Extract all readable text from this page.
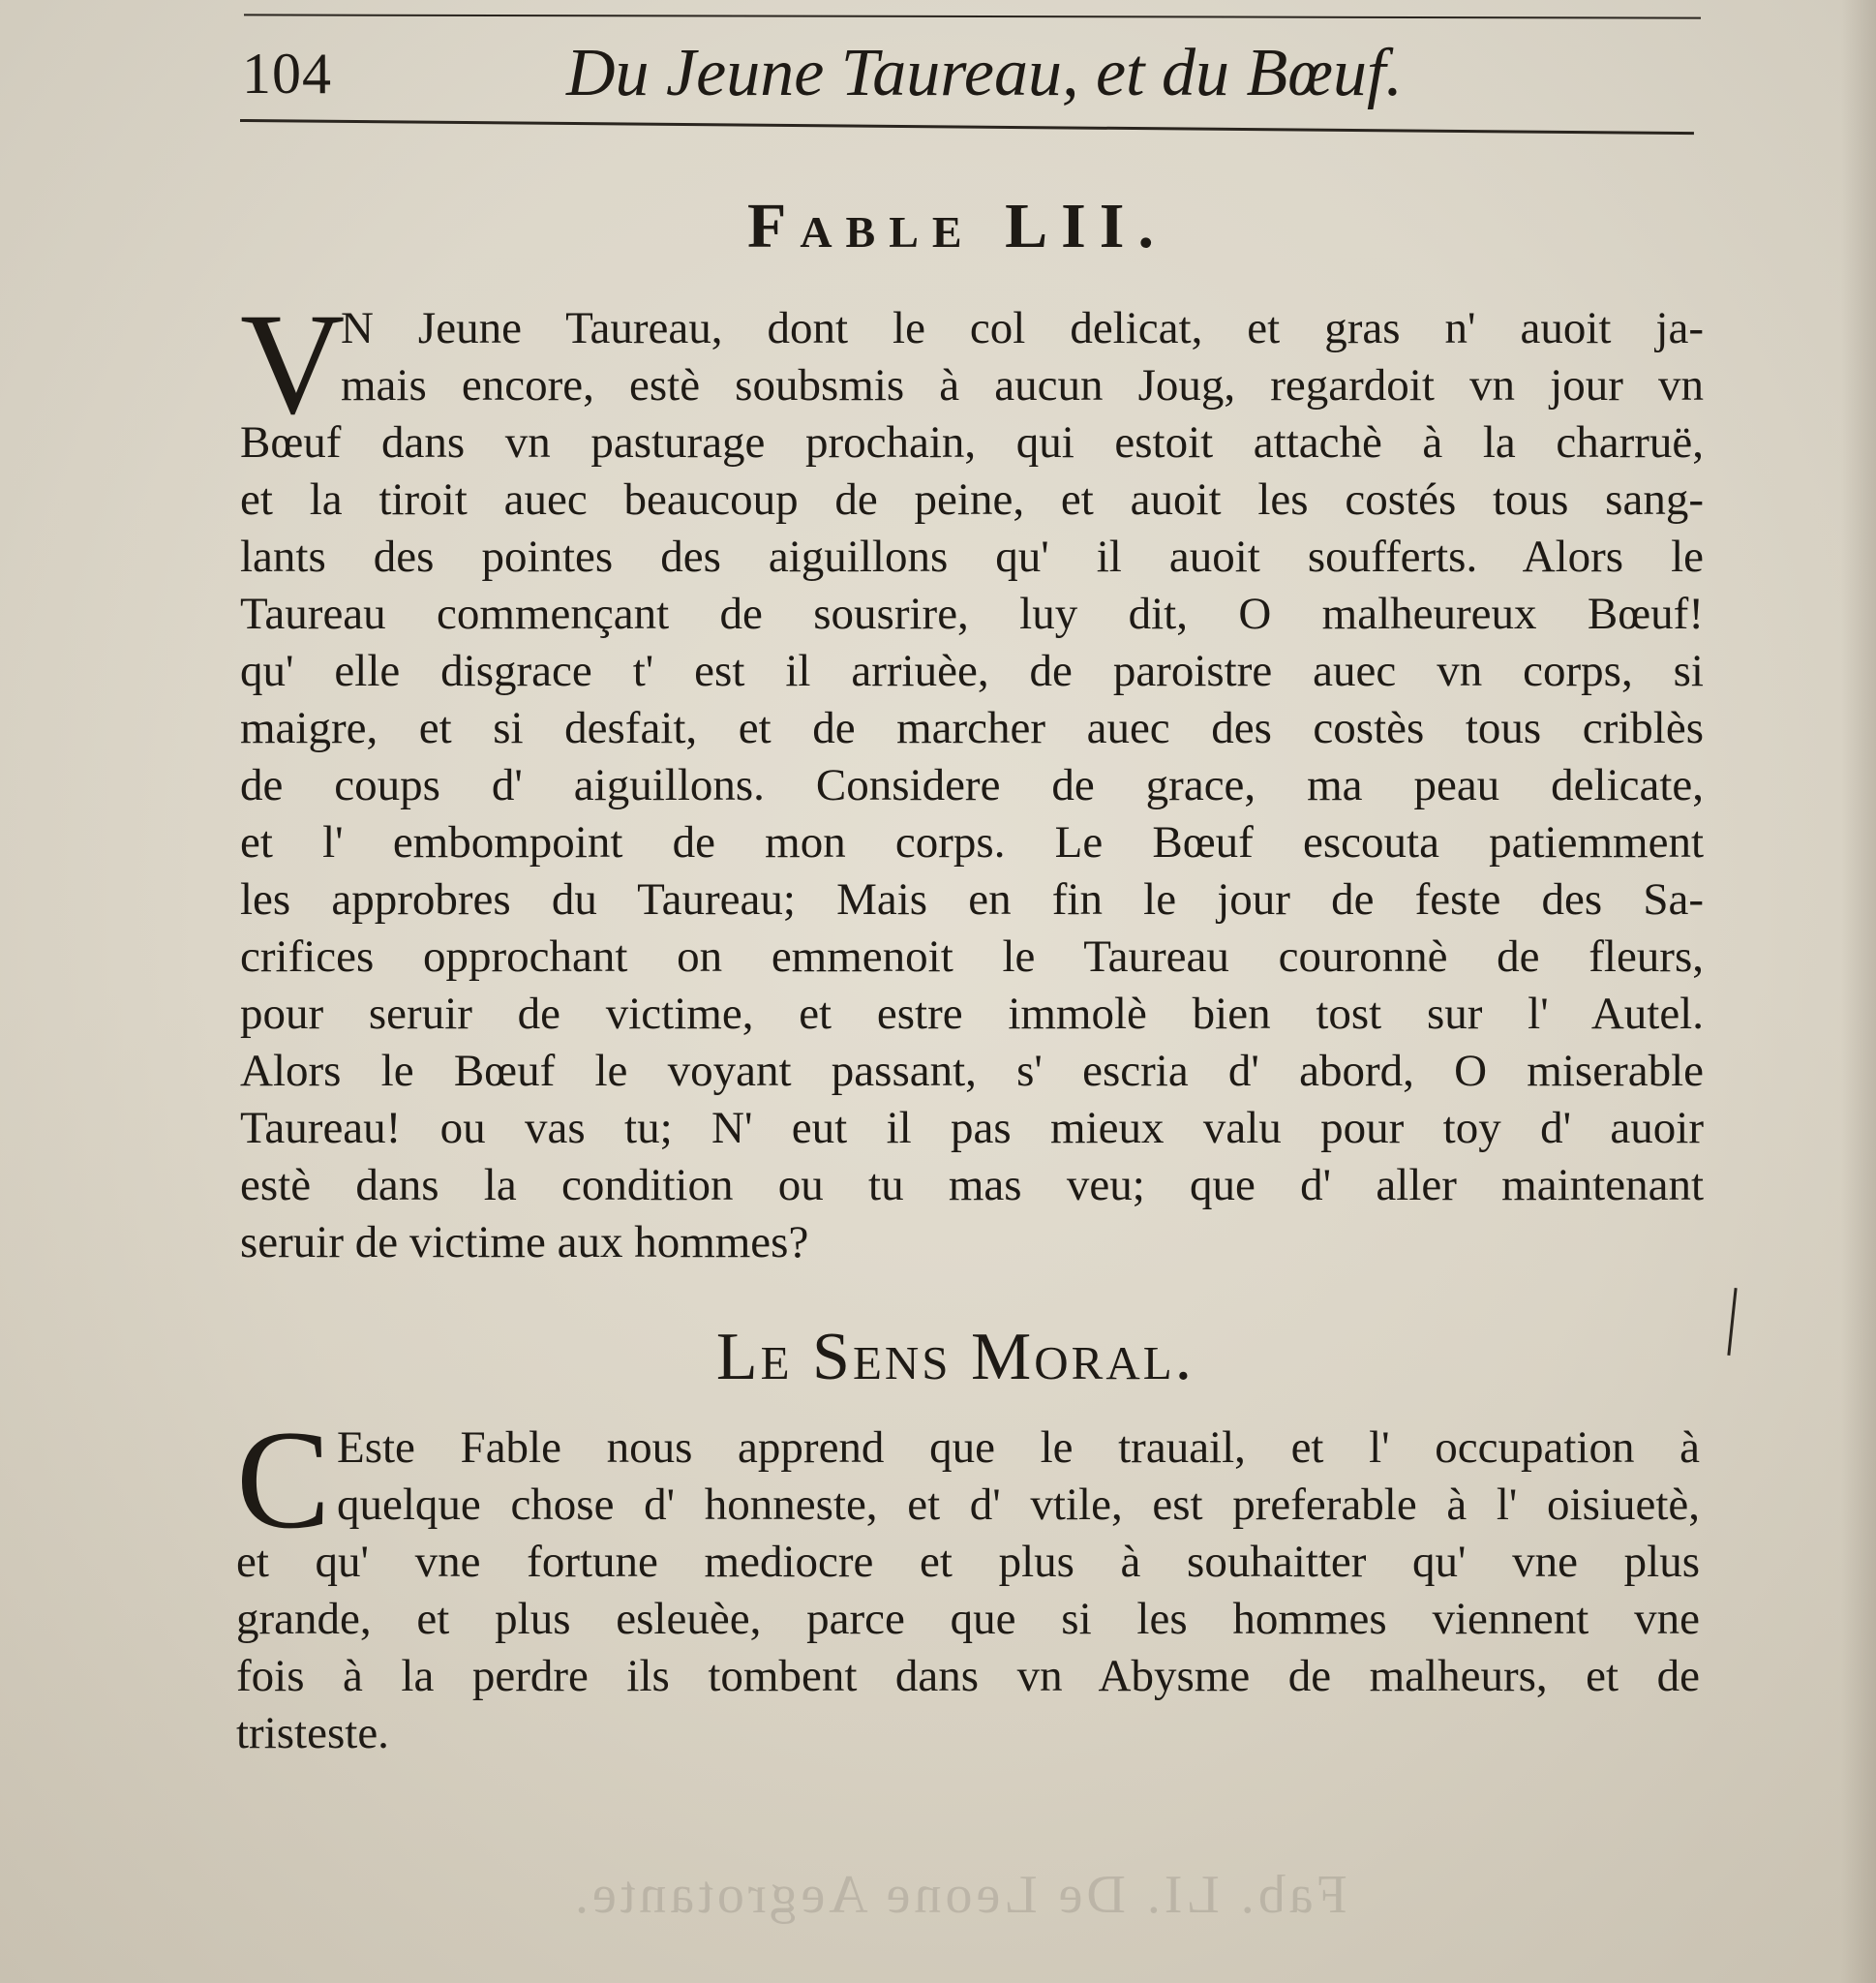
104	Du Jeune Taureau, et du Bœuf.
Fable LII.
V
N Jeune Taureau, dont le col delicat, et gras n' auoit ja-
mais encore, estè soubsmis à aucun Joug, regardoit vn jour vn
Bœuf dans vn pasturage prochain, qui estoit attachè à la charruë,
et la tiroit auec beaucoup de peine, et auoit les costés tous sang-
lants des pointes des aiguillons qu' il auoit soufferts. Alors le
Taureau commençant de sousrire, luy dit, O malheureux Bœuf!
qu' elle disgrace t' est il arriuèe, de paroistre auec vn corps, si
maigre, et si desfait, et de marcher auec des costès tous criblès
de coups d' aiguillons. Considere de grace, ma peau delicate,
et l' embompoint de mon corps. Le Bœuf escouta patiemment
les approbres du Taureau; Mais en fin le jour de feste des Sa-
crifices opprochant on emmenoit le Taureau couronnè de fleurs,
pour seruir de victime, et estre immolè bien tost sur l' Autel.
Alors le Bœuf le voyant passant, s' escria d' abord, O miserable
Taureau! ou vas tu; N' eut il pas mieux valu pour toy d' auoir
estè dans la condition ou tu mas veu; que d' aller maintenant
seruir de victime aux hommes?
Le Sens Moral.
C Este Fable nous apprend que le trauail, et l' occupation à
quelque chose d' honneste, et d' vtile, est preferable à l' oisiuetè,
et qu' vne fortune mediocre et plus à souhaitter qu' vne plus
grande, et plus esleuèe, parce que si les hommes viennent vne
fois à la perdre ils tombent dans vn Abysme de malheurs, et de
tristeste.
Fab. LI. De Leone Aegrotante.
